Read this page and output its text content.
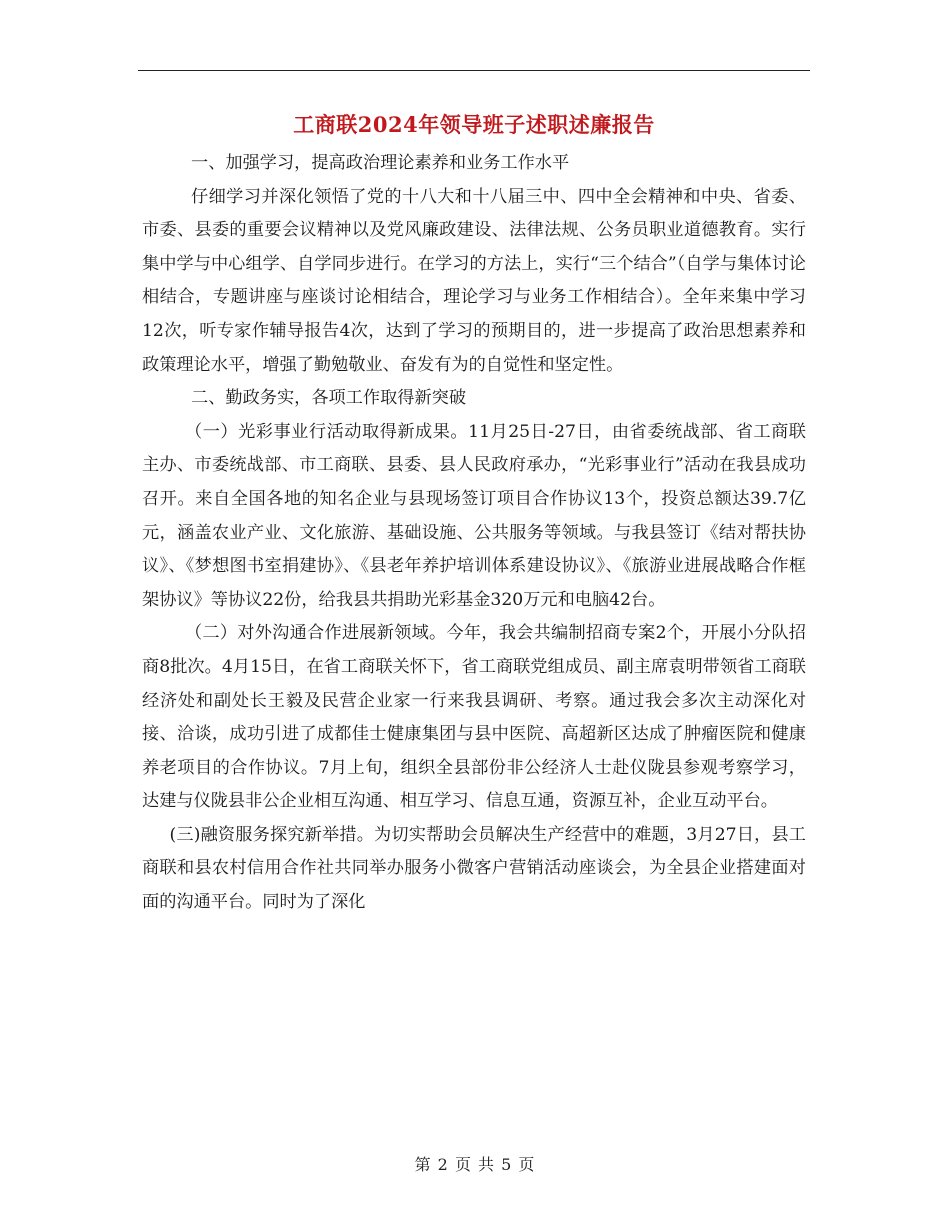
工商联2024年领导班子述职述廉报告

一、加强学习，提高政治理论素养和业务工作水平

仔细学习并深化领悟了党的十八大和十八届三中、四中全会精神和中央、省委、市委、县委的重要会议精神以及党风廉政建设、法律法规、公务员职业道德教育。实行集中学与中心组学、自学同步进行。在学习的方法上，实行“三个结合”（自学与集体讨论相结合，专题讲座与座谈讨论相结合，理论学习与业务工作相结合）。全年来集中学习12次，听专家作辅导报告4次，达到了学习的预期目的，进一步提高了政治思想素养和政策理论水平，增强了勤勉敬业、奋发有为的自觉性和坚定性。

二、勤政务实，各项工作取得新突破

（一）光彩事业行活动取得新成果。11月25日-27日，由省委统战部、省工商联主办、市委统战部、市工商联、县委、县人民政府承办，“光彩事业行”活动在我县成功召开。来自全国各地的知名企业与县现场签订项目合作协议13个，投资总额达39.7亿元，涵盖农业产业、文化旅游、基础设施、公共服务等领域。与我县签订《结对帮扶协议》、《梦想图书室捐建协》、《县老年养护培训体系建设协议》、《旅游业进展战略合作框架协议》等协议22份，给我县共捐助光彩基金320万元和电脑42台。

（二）对外沟通合作进展新领域。今年，我会共编制招商专案2个，开展小分队招商8批次。4月15日，在省工商联关怀下，省工商联党组成员、副主席袁明带领省工商联经济处和副处长王毅及民营企业家一行来我县调研、考察。通过我会多次主动深化对接、洽谈，成功引进了成都佳士健康集团与县中医院、高超新区达成了肿瘤医院和健康养老项目的合作协议。7月上旬，组织全县部份非公经济人士赴仪陇县参观考察学习，达建与仪陇县非公企业相互沟通、相互学习、信息互通，资源互补，企业互动平台。

(三)融资服务探究新举措。为切实帮助会员解决生产经营中的难题，3月27日，县工商联和县农村信用合作社共同举办服务小微客户营销活动座谈会，为全县企业搭建面对面的沟通平台。同时为了深化

第 2 页 共 5 页
